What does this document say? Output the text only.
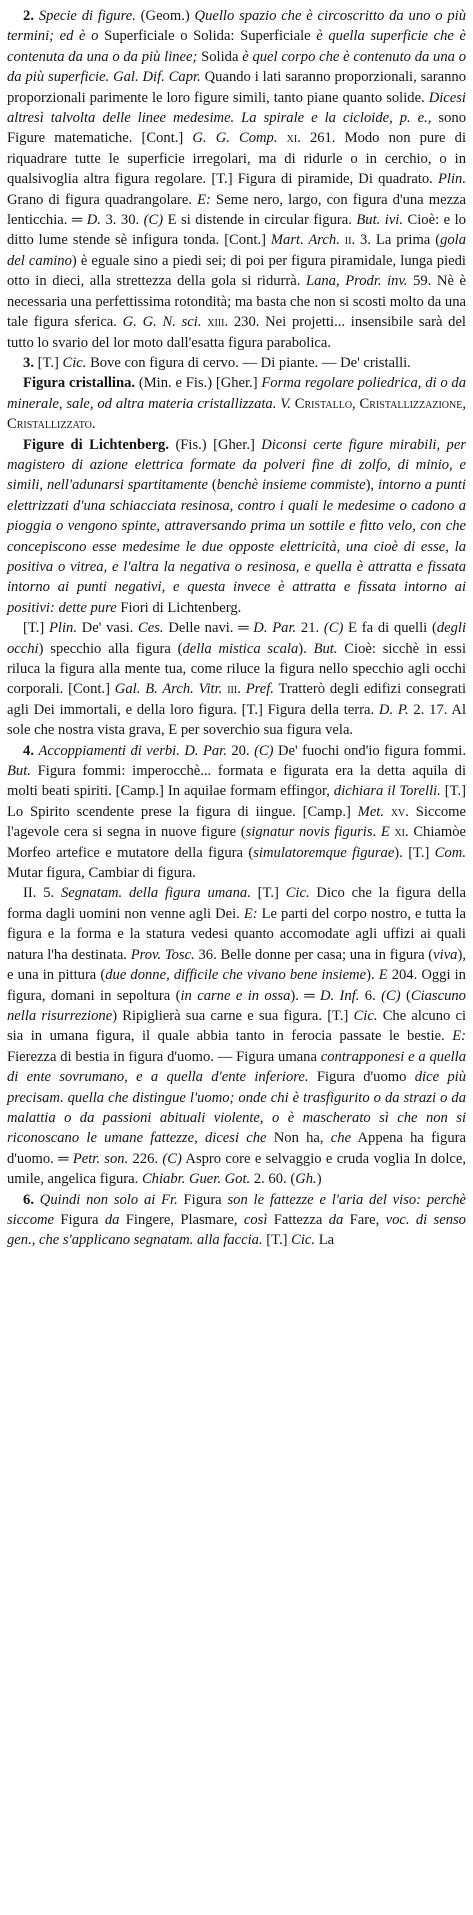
2. Specie di figure. (Geom.) Quello spazio che è circoscritto da uno o più termini; ed è o Superficiale o Solida: Superficiale è quella superficie che è contenuta da una o da più linee; Solida è quel corpo che è contenuto da una o da più superficie. Gal. Dif. Capr. Quando i lati saranno proporzionali, saranno proporzionali parimente le loro figure simili, tanto piane quanto solide. Dicesi altresì talvolta delle linee medesime. La spirale e la cicloide, p. e., sono Figure matematiche. [Cont.] G. G. Comp. xi. 261. Modo non pure di riquadrare tutte le superficie irregolari, ma di ridurle o in cerchio, o in qualsivoglia altra figura regolare. [T.] Figura di piramide, Di quadrato. Plin. Grano di figura quadrangolare. E: Seme nero, largo, con figura d'una mezza lenticchia. ═ D. 3. 30. (C) E si distende in circular figura. But. ivi. Cioè: e lo ditto lume stende sè infigura tonda. [Cont.] Mart. Arch. ii. 3. La prima (gola del camino) è eguale sino a piedi sei; di poi per figura piramidale, lunga piedi otto in dieci, alla strettezza della gola si ridurrà. Lana, Prodr. inv. 59. Nè è necessaria una perfettissima rotondità; ma basta che non si scosti molto da una tale figura sferica. G. G. N. sci. xiii. 230. Nei projetti... insensibile sarà del tutto lo svario del lor moto dall'esatta figura parabolica.

3. [T.] Cic. Bove con figura di cervo. — Di piante. — De' cristalli.

Figura cristallina. (Min. e Fis.) [Gher.] Forma regolare poliedrica, di o da minerale, sale, od altra materia cristallizzata. V. Cristallo, Cristallizzazione, Cristallizzato.

Figure di Lichtenberg. (Fis.) [Gher.] Diconsi certe figure mirabili, per magistero di azione elettrica formate da polveri fine di zolfo, di minio, e simili, nell'adunarsi spartitamente (benchè insieme commiste), intorno a punti elettrizzati d'una schiacciata resinosa, contro i quali le medesime o cadono a pioggia o vengono spinte, attraversando prima un sottile e fitto velo, con che concepiscono esse medesime le due opposte elettricità, una cioè di esse, la positiva o vitrea, e l'altra la negativa o resinosa, e quella è attratta e fissata intorno ai punti negativi, e questa invece è attratta e fissata intorno ai positivi: dette pure Fiori di Lichtenberg.

[T.] Plin. De' vasi. Ces. Delle navi. ═ D. Par. 21. (C) E fa di quelli (degli occhi) specchio alla figura (della mistica scala). But. Cioè: sicchè in essi riluca la figura alla mente tua, come riluce la figura nello specchio agli occhi corporali. [Cont.] Gal. B. Arch. Vitr. iii. Pref. Tratterò degli edifizi consegrati agli Dei immortali, e della loro figura. [T.] Figura della terra. D. P. 2. 17. Al sole che nostra vista grava, E per soverchio sua figura vela.

4. Accoppiamenti di verbi. D. Par. 20. (C) De' fuochi ond'io figura fommi. But. Figura fommi: imperocchè... formata e figurata era la detta aquila di molti beati spiriti. [Camp.] In aquilae formam effingor, dichiara il Torelli. [T.] Lo Spirito scendente prese la figura di iingue. [Camp.] Met. xv. Siccome l'agevole cera si segna in nuove figure (signatur novis figuris. E xi. Chiamòe Morfeo artefice e mutatore della figura (simulatoremque figurae). [T.] Com. Mutar figura, Cambiar di figura.

II. 5. Segnatam. della figura umana. [T.] Cic. Dico che la figura della forma dagli uomini non venne agli Dei. E: Le parti del corpo nostro, e tutta la figura e la forma e la statura vedesi quanto accomodate agli uffizi ai quali natura l'ha destinata. Prov. Tosc. 36. Belle donne per casa; una in figura (viva), e una in pittura (due donne, difficile che vivano bene insieme). E 204. Oggi in figura, domani in sepoltura (in carne e in ossa). ═ D. Inf. 6. (C) (Ciascuno nella risurrezione) Ripiglierà sua carne e sua figura. [T.] Cic. Che alcuno ci sia in umana figura, il quale abbia tanto in ferocia passate le bestie. E: Fierezza di bestia in figura d'uomo. — Figura umana contrapponesi e a quella di ente sovrumano, e a quella d'ente inferiore. Figura d'uomo dice più precisam. quella che distingue l'uomo; onde chi è trasfigurito o da strazi o da malattia o da passioni abituali violente, o è mascherato sì che non si riconoscano le umane fattezze, dicesi che Non ha, che Appena ha figura d'uomo. ═ Petr. son. 226. (C) Aspro core e selvaggio e cruda voglia In dolce, umile, angelica figura. Chiabr. Guer. Got. 2. 60. (Gh.)

6. Quindi non solo ai Fr. Figura son le fattezze e l'aria del viso: perchè siccome Figura da Fingere, Plasmare, così Fattezza da Fare, voc. di senso gen., che s'applicano segnatam. alla faccia. [T.] Cic. La
